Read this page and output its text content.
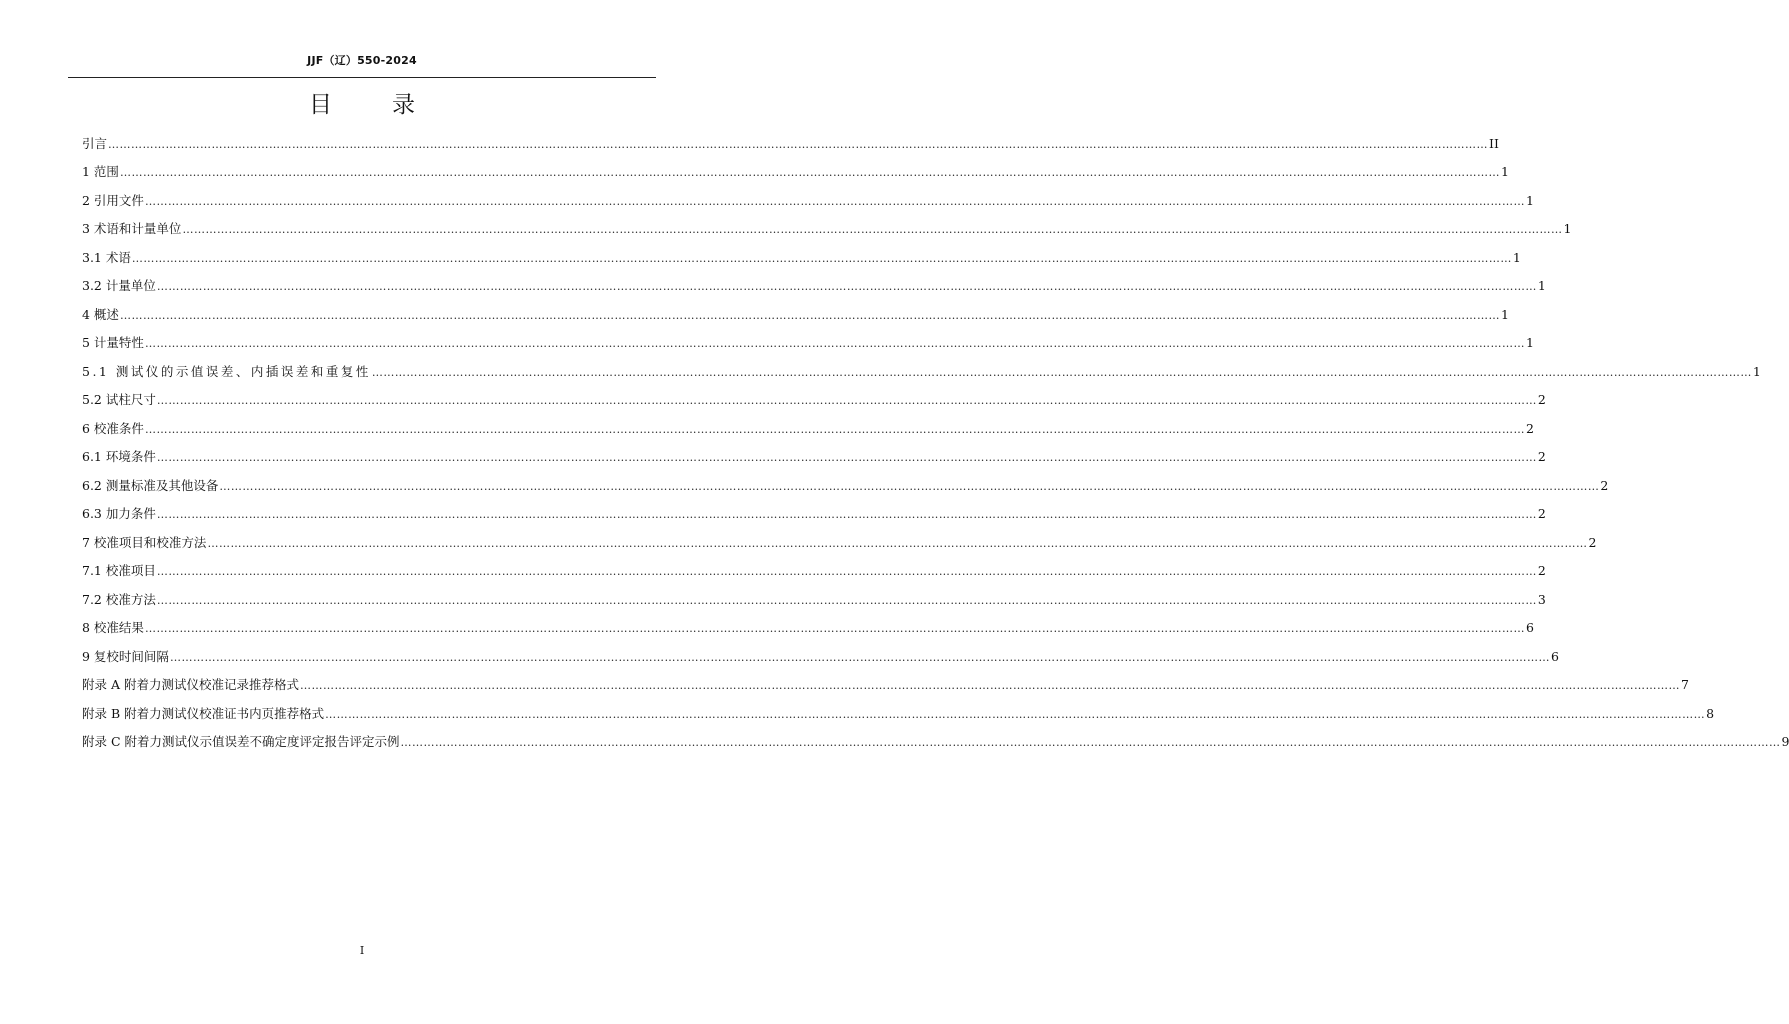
JJF（辽）550-2024
目录
引言 ……………………………………………………………………………………………………………………………………………………………………………………………………………………………………………………………………………………………………………………………… II
1 范围 ……………………………………………………………………………………………………………………………………………………………………………………………………………………………………………………………………………………………………………………………… 1
2 引用文件 ……………………………………………………………………………………………………………………………………………………………………………………………………………………………………………………………………………………………………………………………… 1
3 术语和计量单位 ……………………………………………………………………………………………………………………………………………………………………………………………………………………………………………………………………………………………………………………………… 1
3.1 术语 ……………………………………………………………………………………………………………………………………………………………………………………………………………………………………………………………………………………………………………………………… 1
3.2 计量单位 ……………………………………………………………………………………………………………………………………………………………………………………………………………………………………………………………………………………………………………………………… 1
4 概述 ……………………………………………………………………………………………………………………………………………………………………………………………………………………………………………………………………………………………………………………………… 1
5 计量特性 ……………………………………………………………………………………………………………………………………………………………………………………………………………………………………………………………………………………………………………………………… 1
5.1 测试仪的示值误差、内插误差和重复性 ……………………………………………………………………………………………………………………………………………………………………………………………………………………………………………………………………………………………………………………………… 1
5.2 试柱尺寸 ……………………………………………………………………………………………………………………………………………………………………………………………………………………………………………………………………………………………………………………………… 2
6 校准条件 ……………………………………………………………………………………………………………………………………………………………………………………………………………………………………………………………………………………………………………………………… 2
6.1 环境条件 ……………………………………………………………………………………………………………………………………………………………………………………………………………………………………………………………………………………………………………………………… 2
6.2 测量标准及其他设备 ……………………………………………………………………………………………………………………………………………………………………………………………………………………………………………………………………………………………………………………………… 2
6.3 加力条件 ……………………………………………………………………………………………………………………………………………………………………………………………………………………………………………………………………………………………………………………………… 2
7 校准项目和校准方法 ……………………………………………………………………………………………………………………………………………………………………………………………………………………………………………………………………………………………………………………………… 2
7.1 校准项目 ……………………………………………………………………………………………………………………………………………………………………………………………………………………………………………………………………………………………………………………………… 2
7.2 校准方法 ……………………………………………………………………………………………………………………………………………………………………………………………………………………………………………………………………………………………………………………………… 3
8 校准结果 ……………………………………………………………………………………………………………………………………………………………………………………………………………………………………………………………………………………………………………………………… 6
9 复校时间间隔 ……………………………………………………………………………………………………………………………………………………………………………………………………………………………………………………………………………………………………………………………… 6
附录 A 附着力测试仪校准记录推荐格式 ……………………………………………………………………………………………………………………………………………………………………………………………………………………………………………………………………………………………………………………………… 7
附录 B 附着力测试仪校准证书内页推荐格式 ……………………………………………………………………………………………………………………………………………………………………………………………………………………………………………………………………………………………………………………………… 8
附录 C 附着力测试仪示值误差不确定度评定报告评定示例 ……………………………………………………………………………………………………………………………………………………………………………………………………………………………………………………………………………………………………………………………… 9
I
